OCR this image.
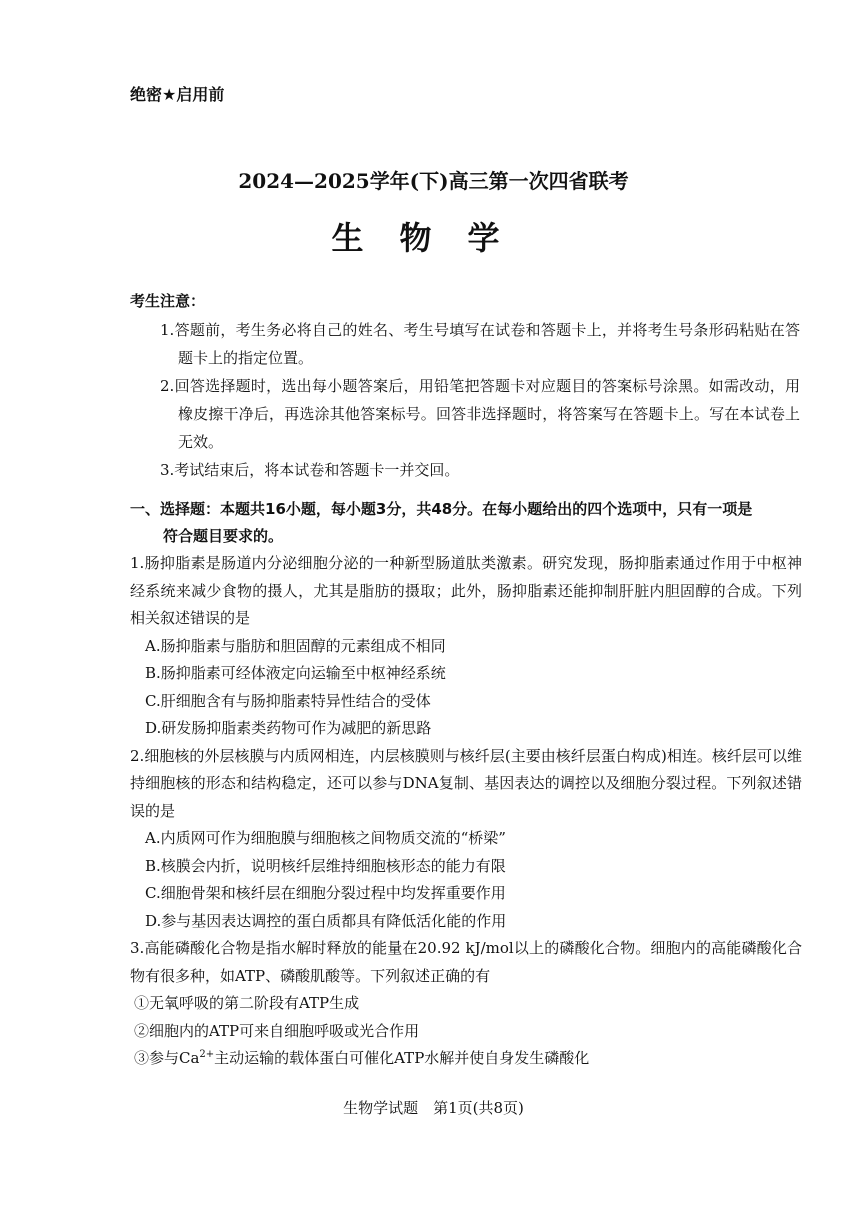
绝密★启用前
2024—2025学年(下)高三第一次四省联考
生物学
考生注意：

1.答题前，考生务必将自己的姓名、考生号填写在试卷和答题卡上，并将考生号条形码粘贴在答题卡上的指定位置。

2.回答选择题时，选出每小题答案后，用铅笔把答题卡对应题目的答案标号涂黑。如需改动，用橡皮擦干净后，再选涂其他答案标号。回答非选择题时，将答案写在答题卡上。写在本试卷上无效。

3.考试结束后，将本试卷和答题卡一并交回。

一、选择题：本题共16小题，每小题3分，共48分。在每小题给出的四个选项中，只有一项是
符合题目要求的。

1.肠抑脂素是肠道内分泌细胞分泌的一种新型肠道肽类激素。研究发现，肠抑脂素通过作用于中枢神经系统来减少食物的摄人，尤其是脂肪的摄取；此外，肠抑脂素还能抑制肝脏内胆固醇的合成。下列相关叙述错误的是

A.肠抑脂素与脂肪和胆固醇的元素组成不相同

B.肠抑脂素可经体液定向运输至中枢神经系统

C.肝细胞含有与肠抑脂素特异性结合的受体

D.研发肠抑脂素类药物可作为减肥的新思路

2.细胞核的外层核膜与内质网相连，内层核膜则与核纤层(主要由核纤层蛋白构成)相连。核纤层可以维持细胞核的形态和结构稳定，还可以参与DNA复制、基因表达的调控以及细胞分裂过程。下列叙述错误的是

A.内质网可作为细胞膜与细胞核之间物质交流的“桥梁”

B.核膜会内折，说明核纤层维持细胞核形态的能力有限

C.细胞骨架和核纤层在细胞分裂过程中均发挥重要作用

D.参与基因表达调控的蛋白质都具有降低活化能的作用

3.高能磷酸化合物是指水解时释放的能量在20.92 kJ/mol以上的磷酸化合物。细胞内的高能磷酸化合物有很多种，如ATP、磷酸肌酸等。下列叙述正确的有

①无氧呼吸的第二阶段有ATP生成

②细胞内的ATP可来自细胞呼吸或光合作用

③参与$Ca^{2+}$主动运输的载体蛋白可催化ATP水解并使自身发生磷酸化

生物学试题　第1页(共8页)
